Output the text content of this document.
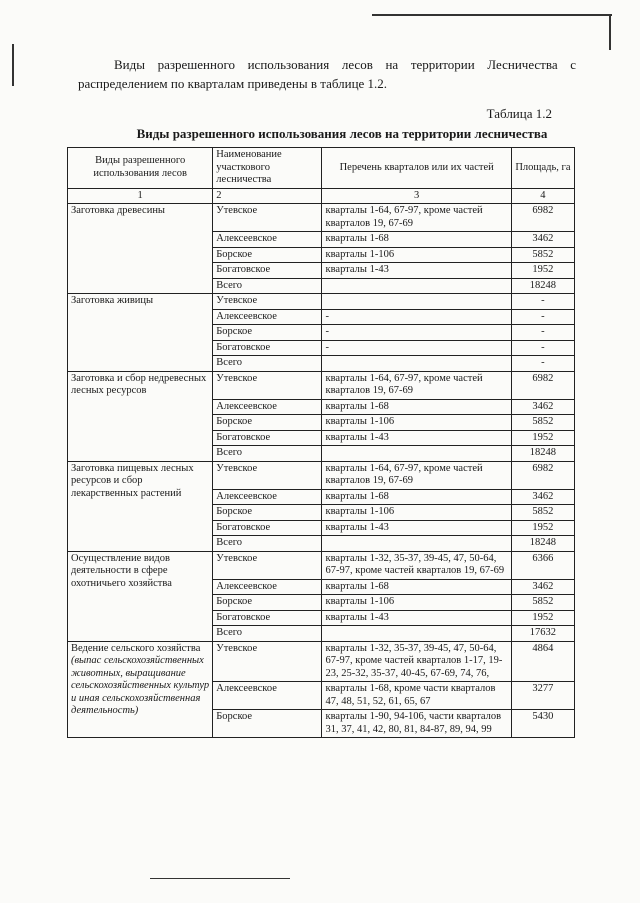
Виды разрешенного использования лесов на территории Лесничества с распределением по кварталам приведены в таблице 1.2.
Таблица 1.2
Виды разрешенного использования лесов на территории лесничества
Виды разрешенного использования лесов	Наименование участкового лесничества	Перечень кварталов или их частей	Площадь, га
1	2	3	4
Заготовка древесины	Утевское	кварталы 1-64, 67-97, кроме частей кварталов 19, 67-69	6982
	Алексеевское	кварталы 1-68	3462
	Борское	кварталы 1-106	5852
	Богатовское	кварталы 1-43	1952
	Всего		18248
Заготовка живицы	Утевское		-
	Алексеевское	-	-
	Борское	-	-
	Богатовское	-	-
	Всего		-
Заготовка и сбор недревесных лесных ресурсов	Утевское	кварталы 1-64, 67-97, кроме частей кварталов 19, 67-69	6982
	Алексеевское	кварталы 1-68	3462
	Борское	кварталы 1-106	5852
	Богатовское	кварталы 1-43	1952
	Всего		18248
Заготовка пищевых лесных ресурсов и сбор лекарственных растений	Утевское	кварталы 1-64, 67-97, кроме частей кварталов 19, 67-69	6982
	Алексеевское	кварталы 1-68	3462
	Борское	кварталы 1-106	5852
	Богатовское	кварталы 1-43	1952
	Всего		18248
Осуществление видов деятельности в сфере охотничьего хозяйства	Утевское	кварталы 1-32, 35-37, 39-45, 47, 50-64, 67-97, кроме частей кварталов 19, 67-69	6366
	Алексеевское	кварталы 1-68	3462
	Борское	кварталы 1-106	5852
	Богатовское	кварталы 1-43	1952
	Всего		17632
Ведение сельского хозяйства (выпас сельскохозяйственных животных, выращивание сельскохозяйственных культур и иная сельскохозяйственная деятельность)	Утевское	кварталы 1-32, 35-37, 39-45, 47, 50-64, 67-97, кроме частей кварталов 1-17, 19-23, 25-32, 35-37, 40-45, 67-69, 74, 76,	4864
	Алексеевское	кварталы 1-68, кроме части кварталов 47, 48, 51, 52, 61, 65, 67	3277
	Борское	кварталы 1-90, 94-106, части кварталов 31, 37, 41, 42, 80, 81, 84-87, 89, 94, 99	5430
